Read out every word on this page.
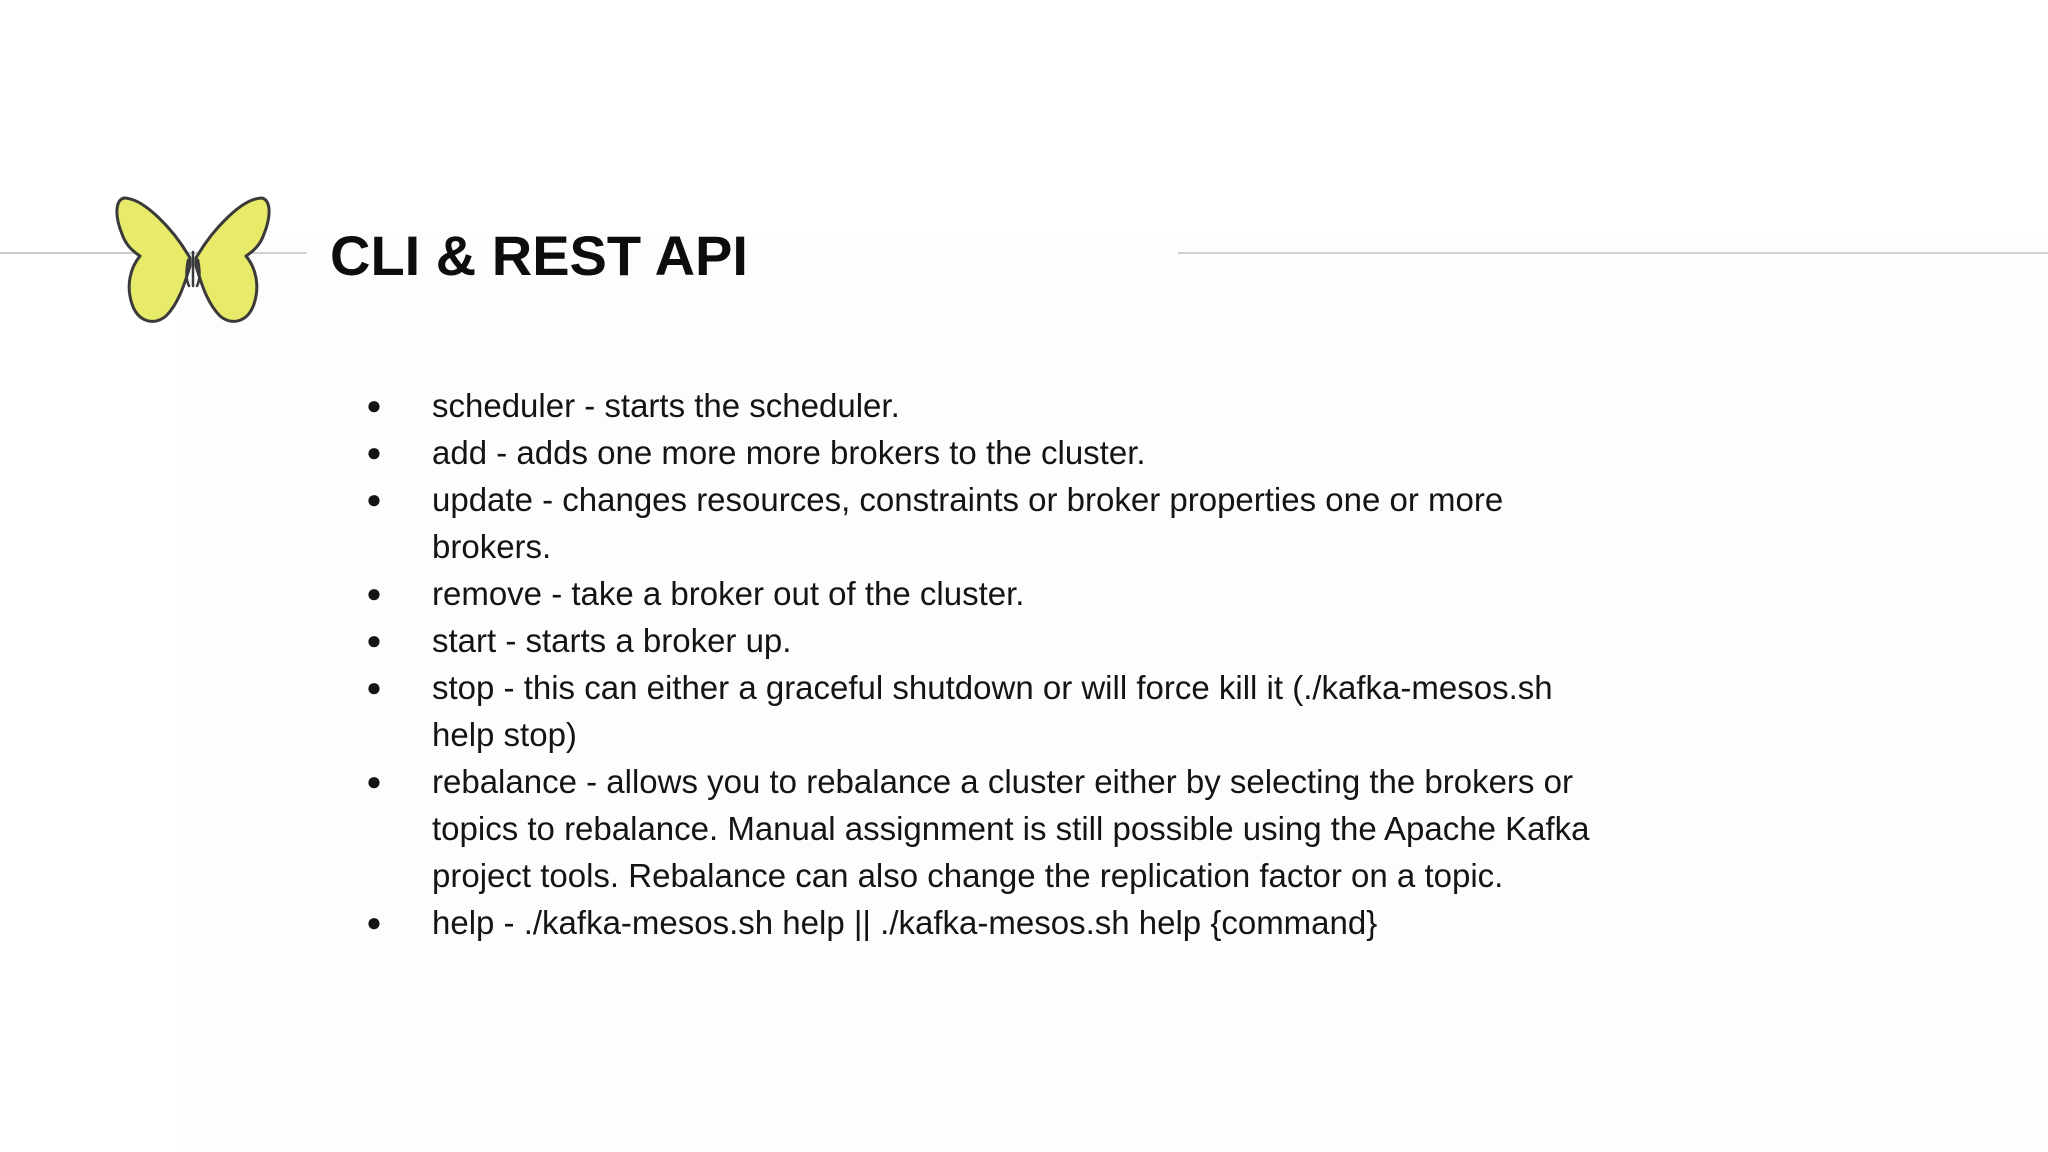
CLI & REST API
● scheduler - starts the scheduler.
● add - adds one more more brokers to the cluster.
● update - changes resources, constraints or broker properties one or more brokers.
● remove - take a broker out of the cluster.
● start - starts a broker up.
● stop - this can either a graceful shutdown or will force kill it (./kafka-mesos.sh help stop)
● rebalance - allows you to rebalance a cluster either by selecting the brokers or topics to rebalance. Manual assignment is still possible using the Apache Kafka project tools. Rebalance can also change the replication factor on a topic.
● help - ./kafka-mesos.sh help || ./kafka-mesos.sh help {command}
